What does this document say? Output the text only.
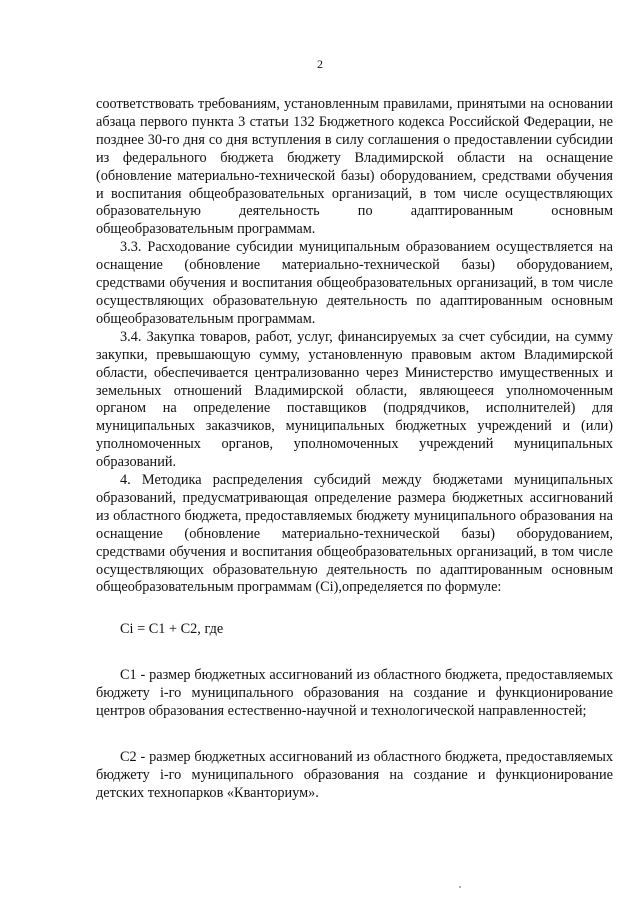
2

соответствовать требованиям, установленным правилами, принятыми на основании абзаца первого пункта 3 статьи 132 Бюджетного кодекса Российской Федерации, не позднее 30-го дня со дня вступления в силу соглашения о предоставлении субсидии из федерального бюджета бюджету Владимирской области на оснащение (обновление материально-технической базы) оборудованием, средствами обучения и воспитания общеобразовательных организаций, в том числе осуществляющих образовательную деятельность по адаптированным основным общеобразовательным программам.

3.3. Расходование субсидии муниципальным образованием осуществляется на оснащение (обновление материально-технической базы) оборудованием, средствами обучения и воспитания общеобразовательных организаций, в том числе осуществляющих образовательную деятельность по адаптированным основным общеобразовательным программам.

3.4. Закупка товаров, работ, услуг, финансируемых за счет субсидии, на сумму закупки, превышающую сумму, установленную правовым актом Владимирской области, обеспечивается централизованно через Министерство имущественных и земельных отношений Владимирской области, являющееся уполномоченным органом на определение поставщиков (подрядчиков, исполнителей) для муниципальных заказчиков, муниципальных бюджетных учреждений и (или) уполномоченных органов, уполномоченных учреждений муниципальных образований.

4. Методика распределения субсидий между бюджетами муниципальных образований, предусматривающая определение размера бюджетных ассигнований из областного бюджета, предоставляемых бюджету муниципального образования на оснащение (обновление материально-технической базы) оборудованием, средствами обучения и воспитания общеобразовательных организаций, в том числе осуществляющих образовательную деятельность по адаптированным основным общеобразовательным программам (Ci),определяется по формуле:

Ci = C1 + C2, где

C1 - размер бюджетных ассигнований из областного бюджета, предоставляемых бюджету i-го муниципального образования на создание и функционирование центров образования естественно-научной и технологической направленностей;

C2 - размер бюджетных ассигнований из областного бюджета, предоставляемых бюджету i-го муниципального образования на создание и функционирование детских технопарков «Кванториум».
